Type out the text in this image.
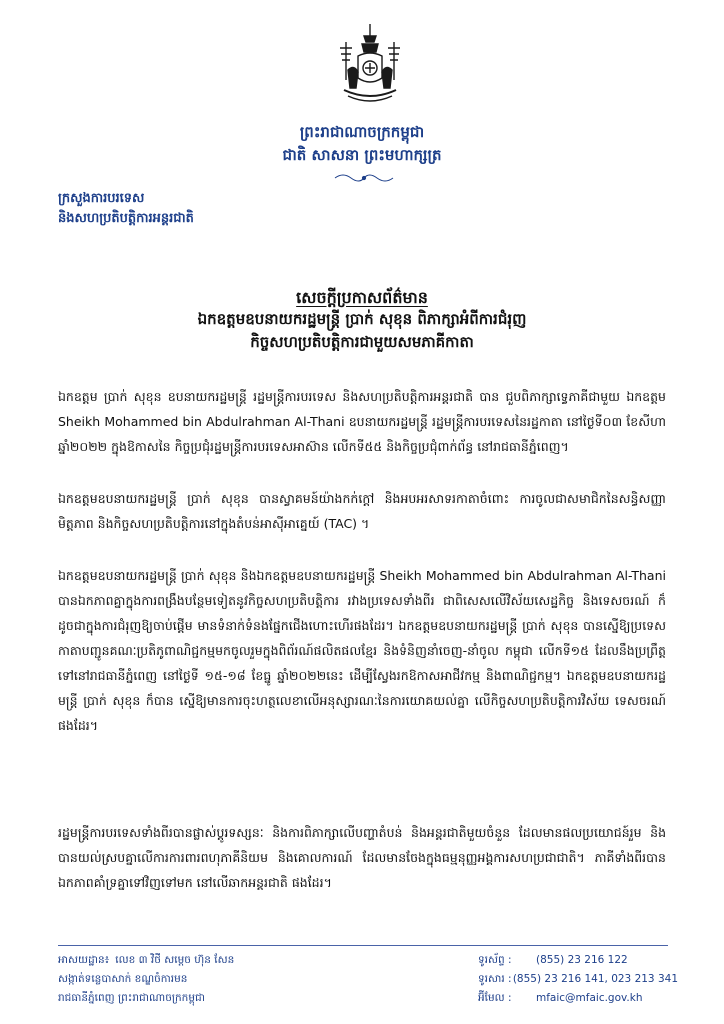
ព្រះរាជាណាចក្រកម្ពុជា
ជាតិ សាសនា ព្រះមហាក្សត្រ
ក្រសួងការបរទេស
និងសហប្រតិបត្តិការអន្តរជាតិ
សេចក្តីប្រកាសព័ត៌មាន
ឯកឧត្តមឧបនាយករដ្ឋមន្ត្រី ប្រាក់ សុខុន ពិភាក្សាអំពីការជំរុញ
កិច្ចសហប្រតិបត្តិការជាមួយសមភាគីកាតា

ឯកឧត្តម ប្រាក់ សុខុន ឧបនាយករដ្ឋមន្ត្រី រដ្ឋមន្ត្រីការបរទេស និងសហប្រតិបត្តិការអន្តរជាតិ បាន ជួបពិភាក្សាទ្វេភាគីជាមួយ ឯកឧត្តម Sheikh Mohammed bin Abdulrahman Al-Thani ឧបនាយករដ្ឋមន្ត្រី រដ្ឋមន្ត្រីការបរទេសនៃរដ្ឋកាតា នៅថ្ងៃទី០៣ ខែសីហា ឆ្នាំ២០២២ ក្នុងឱកាសនៃ កិច្ចប្រជុំរដ្ឋមន្ត្រីការបរទេសអាស៊ាន លើកទី៥៥ និងកិច្ចប្រជុំពាក់ព័ន្ធ នៅរាជធានីភ្នំពេញ។

ឯកឧត្តមឧបនាយករដ្ឋមន្ត្រី ប្រាក់ សុខុន បានស្វាគមន៍យ៉ាងកក់ក្តៅ និងអបអរសាទរកាតាចំពោះ ការចូលជាសមាជិកនៃសន្ធិសញ្ញាមិត្តភាព និងកិច្ចសហប្រតិបត្តិការនៅក្នុងតំបន់អាស៊ីអាគ្នេយ៍ (TAC) ។

ឯកឧត្តមឧបនាយករដ្ឋមន្ត្រី ប្រាក់ សុខុន និងឯកឧត្តមឧបនាយករដ្ឋមន្ត្រី Sheikh Mohammed bin Abdulrahman Al-Thani បានឯកភាពគ្នាក្នុងការពង្រឹងបន្ថែមទៀតនូវកិច្ចសហប្រតិបត្តិការ រវាងប្រទេសទាំងពីរ ជាពិសេសលើវិស័យសេដ្ឋកិច្ច និងទេសចរណ៍ ក៏ដូចជាក្នុងការជំរុញឱ្យចាប់ផ្តើម មានទំនាក់ទំនងផ្នែកជើងហោះហើរផងដែរ។ ឯកឧត្តមឧបនាយករដ្ឋមន្ត្រី ប្រាក់ សុខុន បានស្នើឱ្យប្រទេស កាតាបញ្ជូនគណៈប្រតិភូពាណិជ្ជកម្មមកចូលរួមក្នុងពិព័រណ៍ផលិតផលខ្មែរ និងទំនិញនាំចេញ-នាំចូល កម្ពុជា លើកទី១៥ ដែលនឹងប្រព្រឹត្តទៅនៅរាជធានីភ្នំពេញ នៅថ្ងៃទី ១៥-១៨ ខែធ្នូ ឆ្នាំ២០២២នេះ ដើម្បីស្វែងរកឱកាសអាជីវកម្ម និងពាណិជ្ជកម្ម។ ឯកឧត្តមឧបនាយករដ្ឋមន្ត្រី ប្រាក់ សុខុន ក៏បាន ស្នើឱ្យមានការចុះហត្ថលេខាលើអនុស្សារណៈនៃការយោគយល់គ្នា លើកិច្ចសហប្រតិបត្តិការវិស័យ ទេសចរណ៍ផងដែរ។

រដ្ឋមន្ត្រីការបរទេសទាំងពីរបានផ្លាស់ប្តូរទស្សនៈ និងការពិភាក្សាលើបញ្ហាតំបន់ និងអន្តរជាតិមួយចំនួន ដែលមានផលប្រយោជន៍រួម និងបានយល់ស្របគ្នាលើការការពារពហុភាគីនិយម និងគោលការណ៍ ដែលមានចែងក្នុងធម្មនុញ្ញអង្គការសហប្រជាជាតិ។ ភាគីទាំងពីរបានឯកភាពគាំទ្រគ្នាទៅវិញទៅមក នៅលើឆាកអន្តរជាតិ ផងដែរ។

អាសយដ្ឋាន៖ លេខ ៣ វិថី សម្តេច ហ៊ុន សែន
សង្កាត់ទន្លេបាសាក់ ខណ្ឌចំការមន
រាជធានីភ្នំពេញ ព្រះរាជាណាចក្រកម្ពុជា
ទូរស័ព្ទ :	(855) 23 216 122
ទូរសារ : (855) 23 216 141, 023 213 341
អ៊ីមែល :	mfaic@mfaic.gov.kh
